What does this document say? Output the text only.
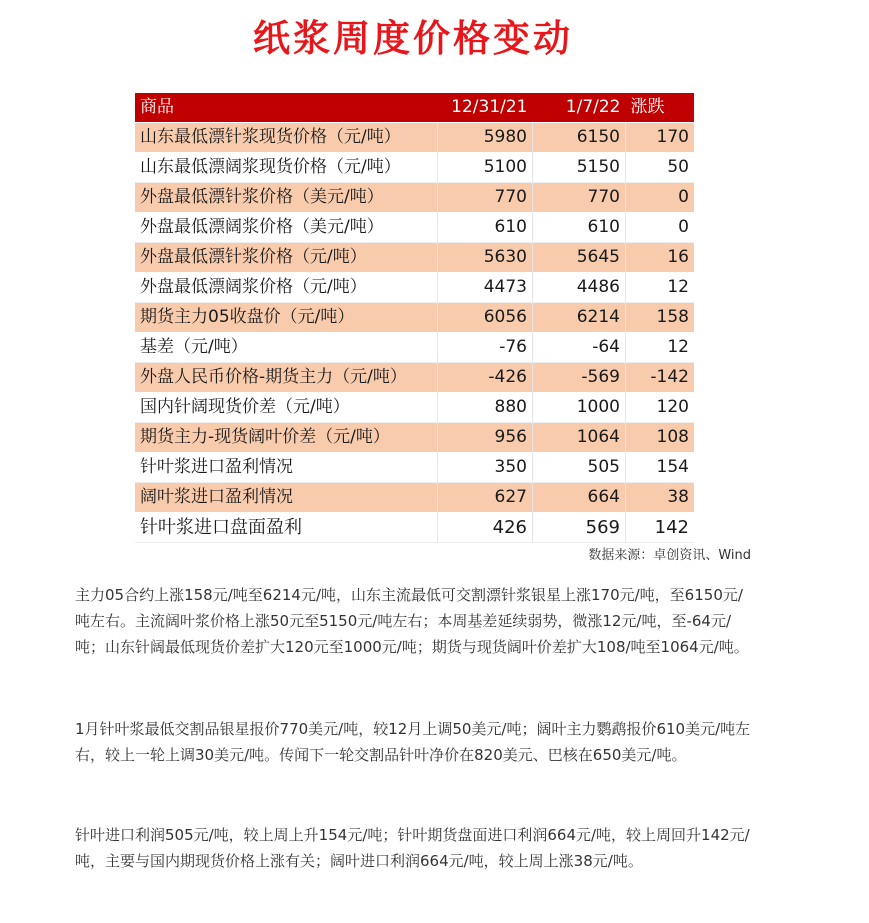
纸浆周度价格变动
商品	12/31/21	1/7/22	涨跌
山东最低漂针浆现货价格（元/吨）	5980	6150	170
山东最低漂阔浆现货价格（元/吨）	5100	5150	50
外盘最低漂针浆价格（美元/吨）	770	770	0
外盘最低漂阔浆价格（美元/吨）	610	610	0
外盘最低漂针浆价格（元/吨）	5630	5645	16
外盘最低漂阔浆价格（元/吨）	4473	4486	12
期货主力05收盘价（元/吨）	6056	6214	158
基差（元/吨）	-76	-64	12
外盘人民币价格-期货主力（元/吨）	-426	-569	-142
国内针阔现货价差（元/吨）	880	1000	120
期货主力-现货阔叶价差（元/吨）	956	1064	108
针叶浆进口盈利情况	350	505	154
阔叶浆进口盈利情况	627	664	38
针叶浆进口盘面盈利	426	569	142
数据来源：卓创资讯、Wind

主力05合约上涨158元/吨至6214元/吨，山东主流最低可交割漂针浆银星上涨170元/吨，至6150元/吨左右。主流阔叶浆价格上涨50元至5150元/吨左右；本周基差延续弱势，微涨12元/吨，至-64元/吨；山东针阔最低现货价差扩大120元至1000元/吨；期货与现货阔叶价差扩大108/吨至1064元/吨。

1月针叶浆最低交割品银星报价770美元/吨，较12月上调50美元/吨；阔叶主力鹦鹉报价610美元/吨左右，较上一轮上调30美元/吨。传闻下一轮交割品针叶净价在820美元、巴核在650美元/吨。

针叶进口利润505元/吨，较上周上升154元/吨；针叶期货盘面进口利润664元/吨，较上周回升142元/吨，主要与国内期现货价格上涨有关；阔叶进口利润664元/吨，较上周上涨38元/吨。
